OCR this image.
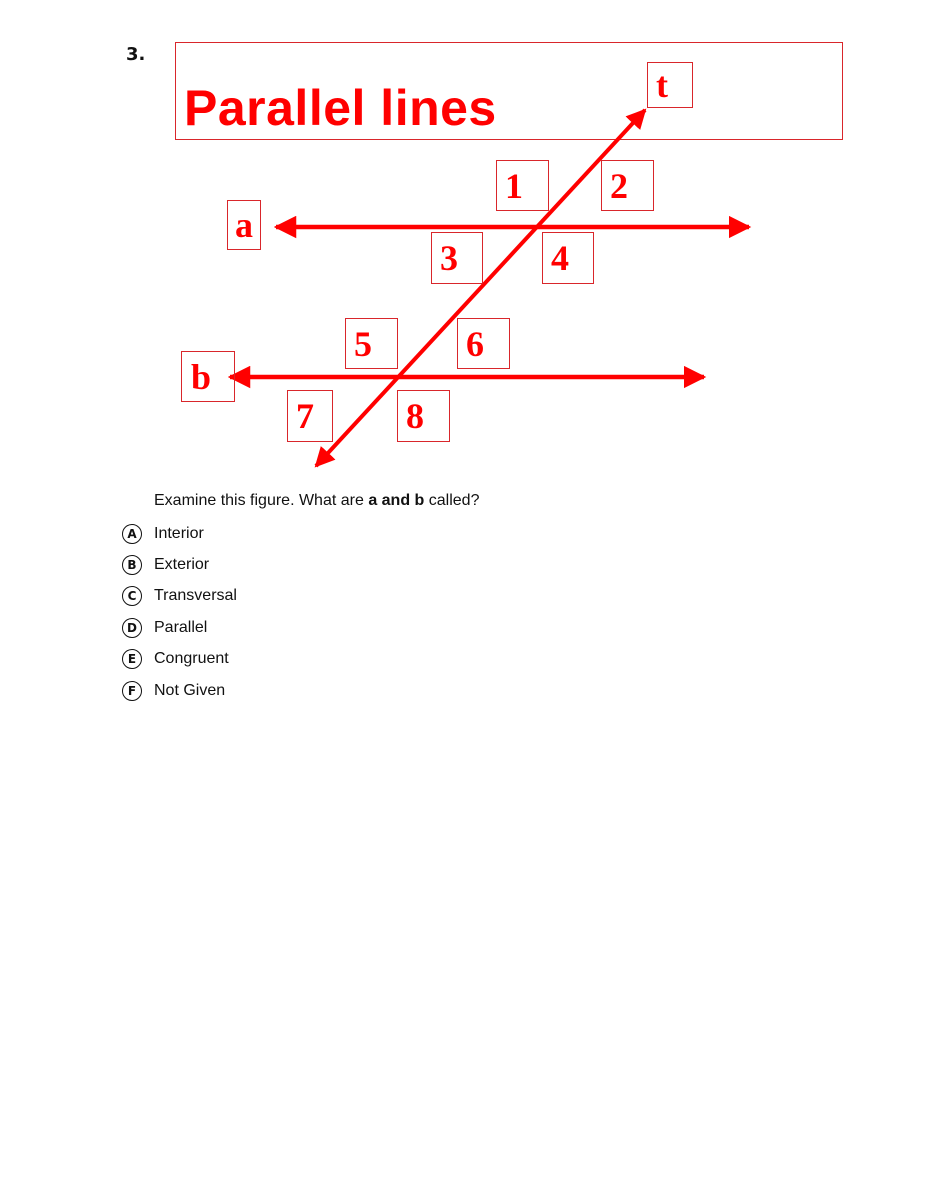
3.
Parallel lines	t
a
b
1	2
3	4
5	6
7	8
Examine this figure. What are a and b called?
A	Interior
B	Exterior
C	Transversal
D	Parallel
E	Congruent
F	Not Given
